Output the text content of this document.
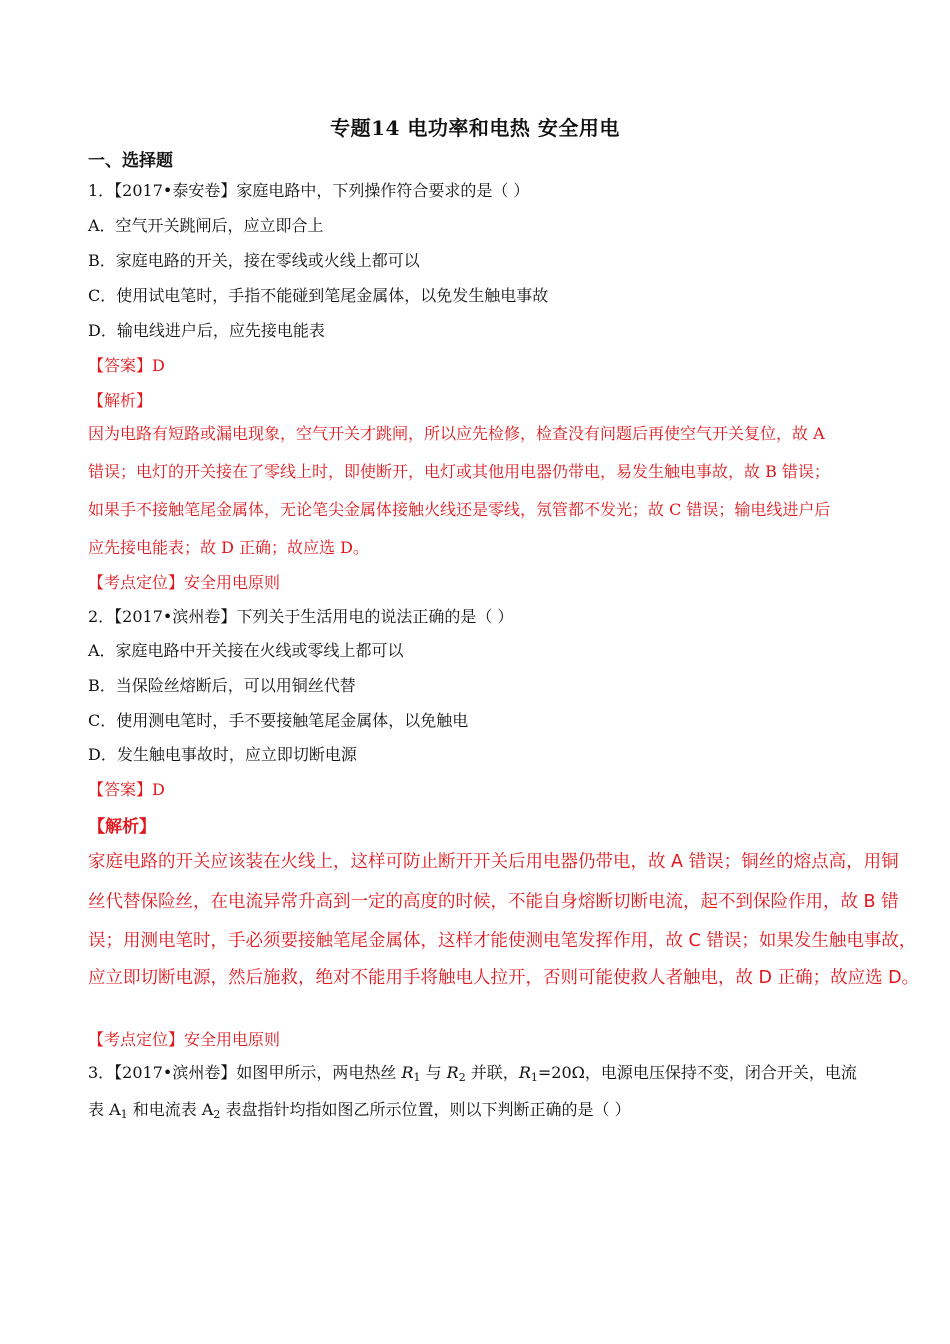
专题14 电功率和电热 安全用电
一、选择题
1．【2017•泰安卷】家庭电路中，下列操作符合要求的是（ ）
A．空气开关跳闸后，应立即合上
B．家庭电路的开关，接在零线或火线上都可以
C．使用试电笔时，手指不能碰到笔尾金属体，以免发生触电事故
D．输电线进户后，应先接电能表
【答案】D
【解析】
因为电路有短路或漏电现象，空气开关才跳闸，所以应先检修，检查没有问题后再使空气开关复位，故 A
错误；电灯的开关接在了零线上时，即使断开，电灯或其他用电器仍带电，易发生触电事故，故 B 错误；
如果手不接触笔尾金属体，无论笔尖金属体接触火线还是零线，氖管都不发光；故 C 错误；输电线进户后
应先接电能表；故 D 正确；故应选 D。
【考点定位】安全用电原则
2．【2017•滨州卷】下列关于生活用电的说法正确的是（ ）
A．家庭电路中开关接在火线或零线上都可以
B．当保险丝熔断后，可以用铜丝代替
C．使用测电笔时，手不要接触笔尾金属体，以免触电
D．发生触电事故时，应立即切断电源
【答案】D
【解析】
家庭电路的开关应该装在火线上，这样可防止断开开关后用电器仍带电，故 A 错误；铜丝的熔点高，用铜
丝代替保险丝，在电流异常升高到一定的高度的时候，不能自身熔断切断电流，起不到保险作用，故 B 错
误；用测电笔时，手必须要接触笔尾金属体，这样才能使测电笔发挥作用，故 C 错误；如果发生触电事故，
应立即切断电源，然后施救，绝对不能用手将触电人拉开，否则可能使救人者触电，故 D 正确；故应选 D。
【考点定位】安全用电原则
3．【2017•滨州卷】如图甲所示，两电热丝 $R_1$ 与 $R_2$ 并联，$R_1=20\Omega$，电源电压保持不变，闭合开关，电流
表 $A_1$ 和电流表 $A_2$ 表盘指针均指如图乙所示位置，则以下判断正确的是（ ）
